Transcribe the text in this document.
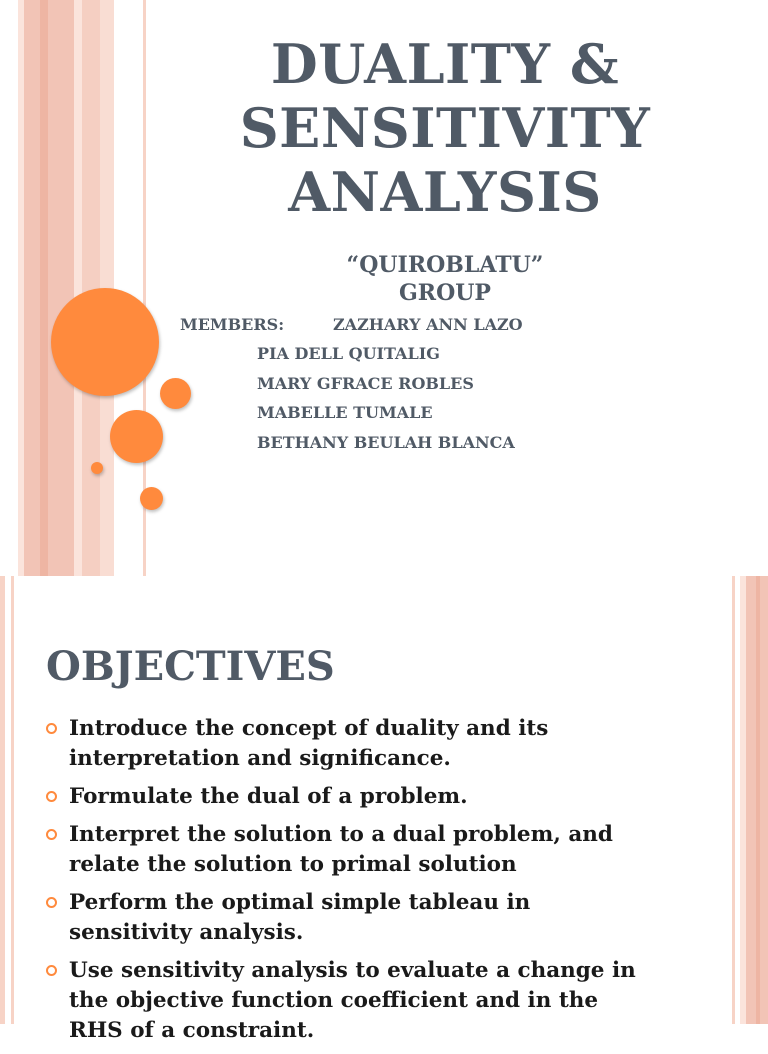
DUALITY &
SENSITIVITY
ANALYSIS
“QUIROBLATU”
GROUP
MEMBERS:	ZAZHARY ANN LAZO
PIA DELL QUITALIG
MARY GFRACE ROBLES
MABELLE TUMALE
BETHANY BEULAH BLANCA
OBJECTIVES
Introduce the concept of duality and its interpretation and significance.
Formulate the dual of a problem.
Interpret the solution to a dual problem, and relate the solution to primal solution
Perform the optimal simple tableau in sensitivity analysis.
Use sensitivity analysis to evaluate a change in the objective function coefficient and in the RHS of a constraint.
